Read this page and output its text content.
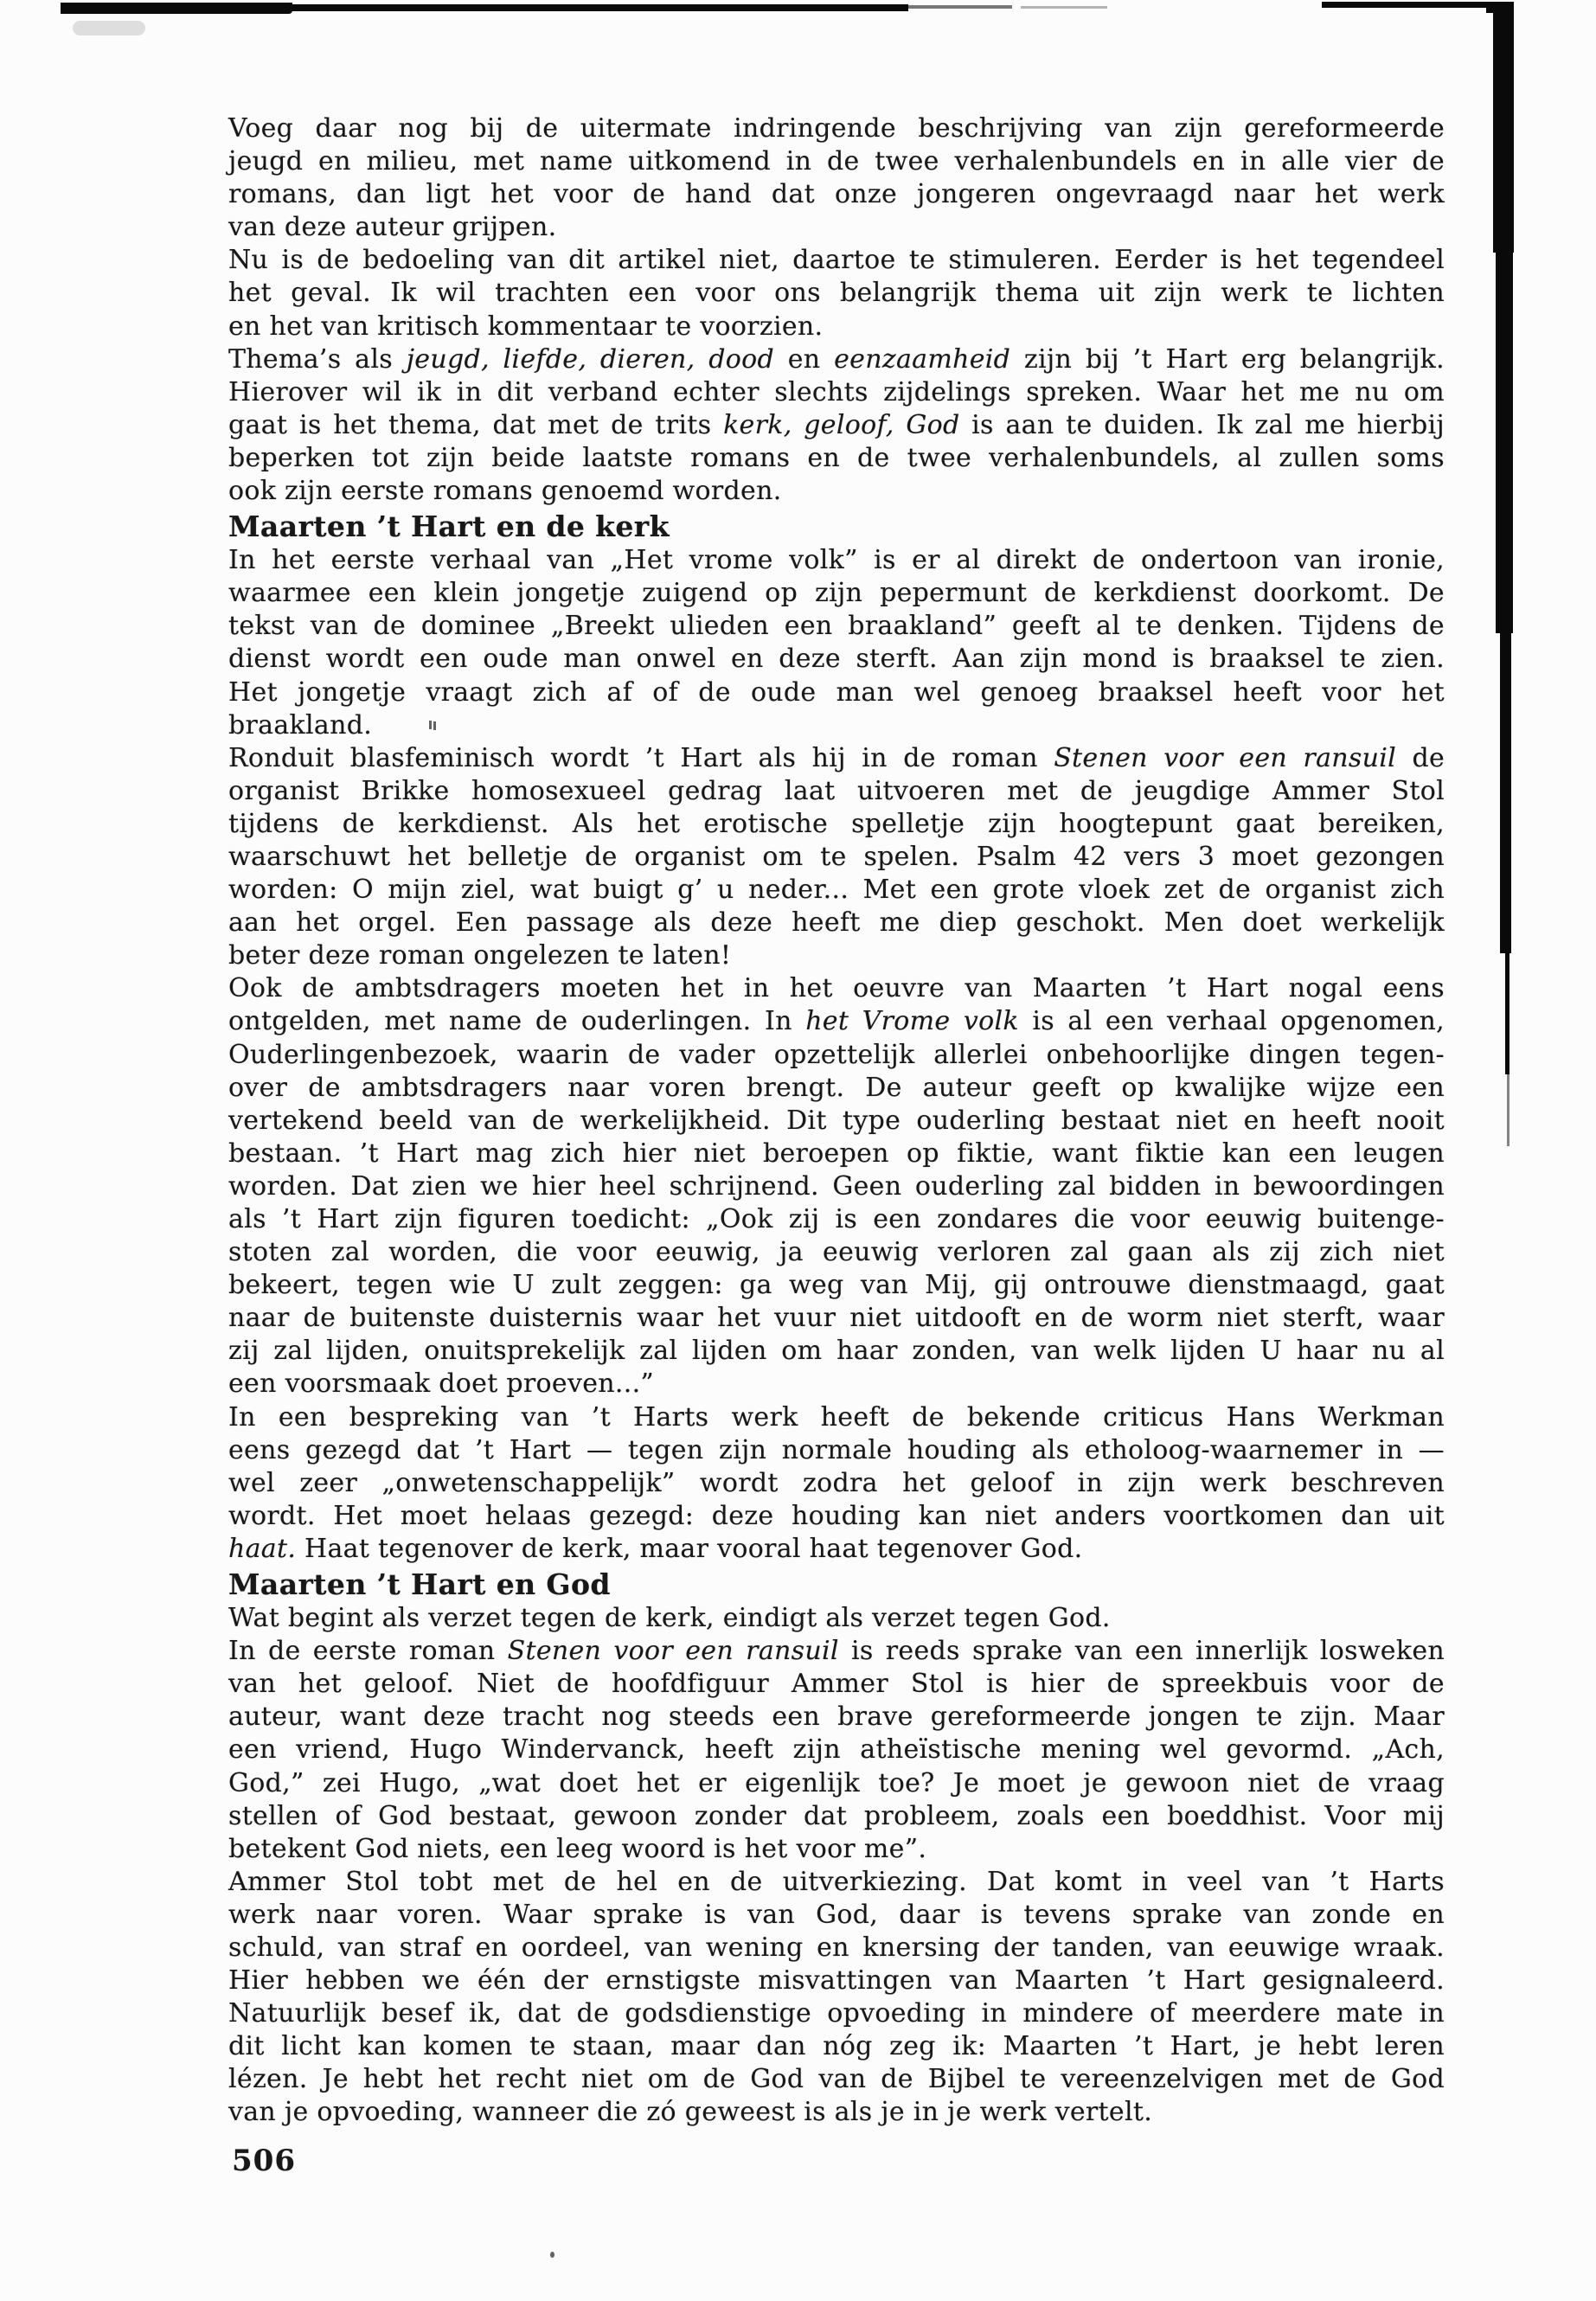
Voeg daar nog bij de uitermate indringende beschrijving van zijn gereformeerde
jeugd en milieu, met name uitkomend in de twee verhalenbundels en in alle vier de
romans, dan ligt het voor de hand dat onze jongeren ongevraagd naar het werk
van deze auteur grijpen.
Nu is de bedoeling van dit artikel niet, daartoe te stimuleren. Eerder is het tegendeel
het geval. Ik wil trachten een voor ons belangrijk thema uit zijn werk te lichten
en het van kritisch kommentaar te voorzien.
Thema’s als jeugd, liefde, dieren, dood en eenzaamheid zijn bij ’t Hart erg belangrijk.
Hierover wil ik in dit verband echter slechts zijdelings spreken. Waar het me nu om
gaat is het thema, dat met de trits kerk, geloof, God is aan te duiden. Ik zal me hierbij
beperken tot zijn beide laatste romans en de twee verhalenbundels, al zullen soms
ook zijn eerste romans genoemd worden.
Maarten ’t Hart en de kerk
In het eerste verhaal van „Het vrome volk” is er al direkt de ondertoon van ironie,
waarmee een klein jongetje zuigend op zijn pepermunt de kerkdienst doorkomt. De
tekst van de dominee „Breekt ulieden een braakland” geeft al te denken. Tijdens de
dienst wordt een oude man onwel en deze sterft. Aan zijn mond is braaksel te zien.
Het jongetje vraagt zich af of de oude man wel genoeg braaksel heeft voor het
braakland.
Ronduit blasfeminisch wordt ’t Hart als hij in de roman Stenen voor een ransuil de
organist Brikke homosexueel gedrag laat uitvoeren met de jeugdige Ammer Stol
tijdens de kerkdienst. Als het erotische spelletje zijn hoogtepunt gaat bereiken,
waarschuwt het belletje de organist om te spelen. Psalm 42 vers 3 moet gezongen
worden: O mijn ziel, wat buigt g’ u neder... Met een grote vloek zet de organist zich
aan het orgel. Een passage als deze heeft me diep geschokt. Men doet werkelijk
beter deze roman ongelezen te laten!
Ook de ambtsdragers moeten het in het oeuvre van Maarten ’t Hart nogal eens
ontgelden, met name de ouderlingen. In het Vrome volk is al een verhaal opgenomen,
Ouderlingenbezoek, waarin de vader opzettelijk allerlei onbehoorlijke dingen tegen-
over de ambtsdragers naar voren brengt. De auteur geeft op kwalijke wijze een
vertekend beeld van de werkelijkheid. Dit type ouderling bestaat niet en heeft nooit
bestaan. ’t Hart mag zich hier niet beroepen op fiktie, want fiktie kan een leugen
worden. Dat zien we hier heel schrijnend. Geen ouderling zal bidden in bewoordingen
als ’t Hart zijn figuren toedicht: „Ook zij is een zondares die voor eeuwig buitenge-
stoten zal worden, die voor eeuwig, ja eeuwig verloren zal gaan als zij zich niet
bekeert, tegen wie U zult zeggen: ga weg van Mij, gij ontrouwe dienstmaagd, gaat
naar de buitenste duisternis waar het vuur niet uitdooft en de worm niet sterft, waar
zij zal lijden, onuitsprekelijk zal lijden om haar zonden, van welk lijden U haar nu al
een voorsmaak doet proeven...”
In een bespreking van ’t Harts werk heeft de bekende criticus Hans Werkman
eens gezegd dat ’t Hart — tegen zijn normale houding als etholoog-waarnemer in —
wel zeer „onwetenschappelijk” wordt zodra het geloof in zijn werk beschreven
wordt. Het moet helaas gezegd: deze houding kan niet anders voortkomen dan uit
haat. Haat tegenover de kerk, maar vooral haat tegenover God.
Maarten ’t Hart en God
Wat begint als verzet tegen de kerk, eindigt als verzet tegen God.
In de eerste roman Stenen voor een ransuil is reeds sprake van een innerlijk losweken
van het geloof. Niet de hoofdfiguur Ammer Stol is hier de spreekbuis voor de
auteur, want deze tracht nog steeds een brave gereformeerde jongen te zijn. Maar
een vriend, Hugo Windervanck, heeft zijn atheïstische mening wel gevormd. „Ach,
God,” zei Hugo, „wat doet het er eigenlijk toe? Je moet je gewoon niet de vraag
stellen of God bestaat, gewoon zonder dat probleem, zoals een boeddhist. Voor mij
betekent God niets, een leeg woord is het voor me”.
Ammer Stol tobt met de hel en de uitverkiezing. Dat komt in veel van ’t Harts
werk naar voren. Waar sprake is van God, daar is tevens sprake van zonde en
schuld, van straf en oordeel, van wening en knersing der tanden, van eeuwige wraak.
Hier hebben we één der ernstigste misvattingen van Maarten ’t Hart gesignaleerd.
Natuurlijk besef ik, dat de godsdienstige opvoeding in mindere of meerdere mate in
dit licht kan komen te staan, maar dan nóg zeg ik: Maarten ’t Hart, je hebt leren
lézen. Je hebt het recht niet om de God van de Bijbel te vereenzelvigen met de God
van je opvoeding, wanneer die zó geweest is als je in je werk vertelt.
506
